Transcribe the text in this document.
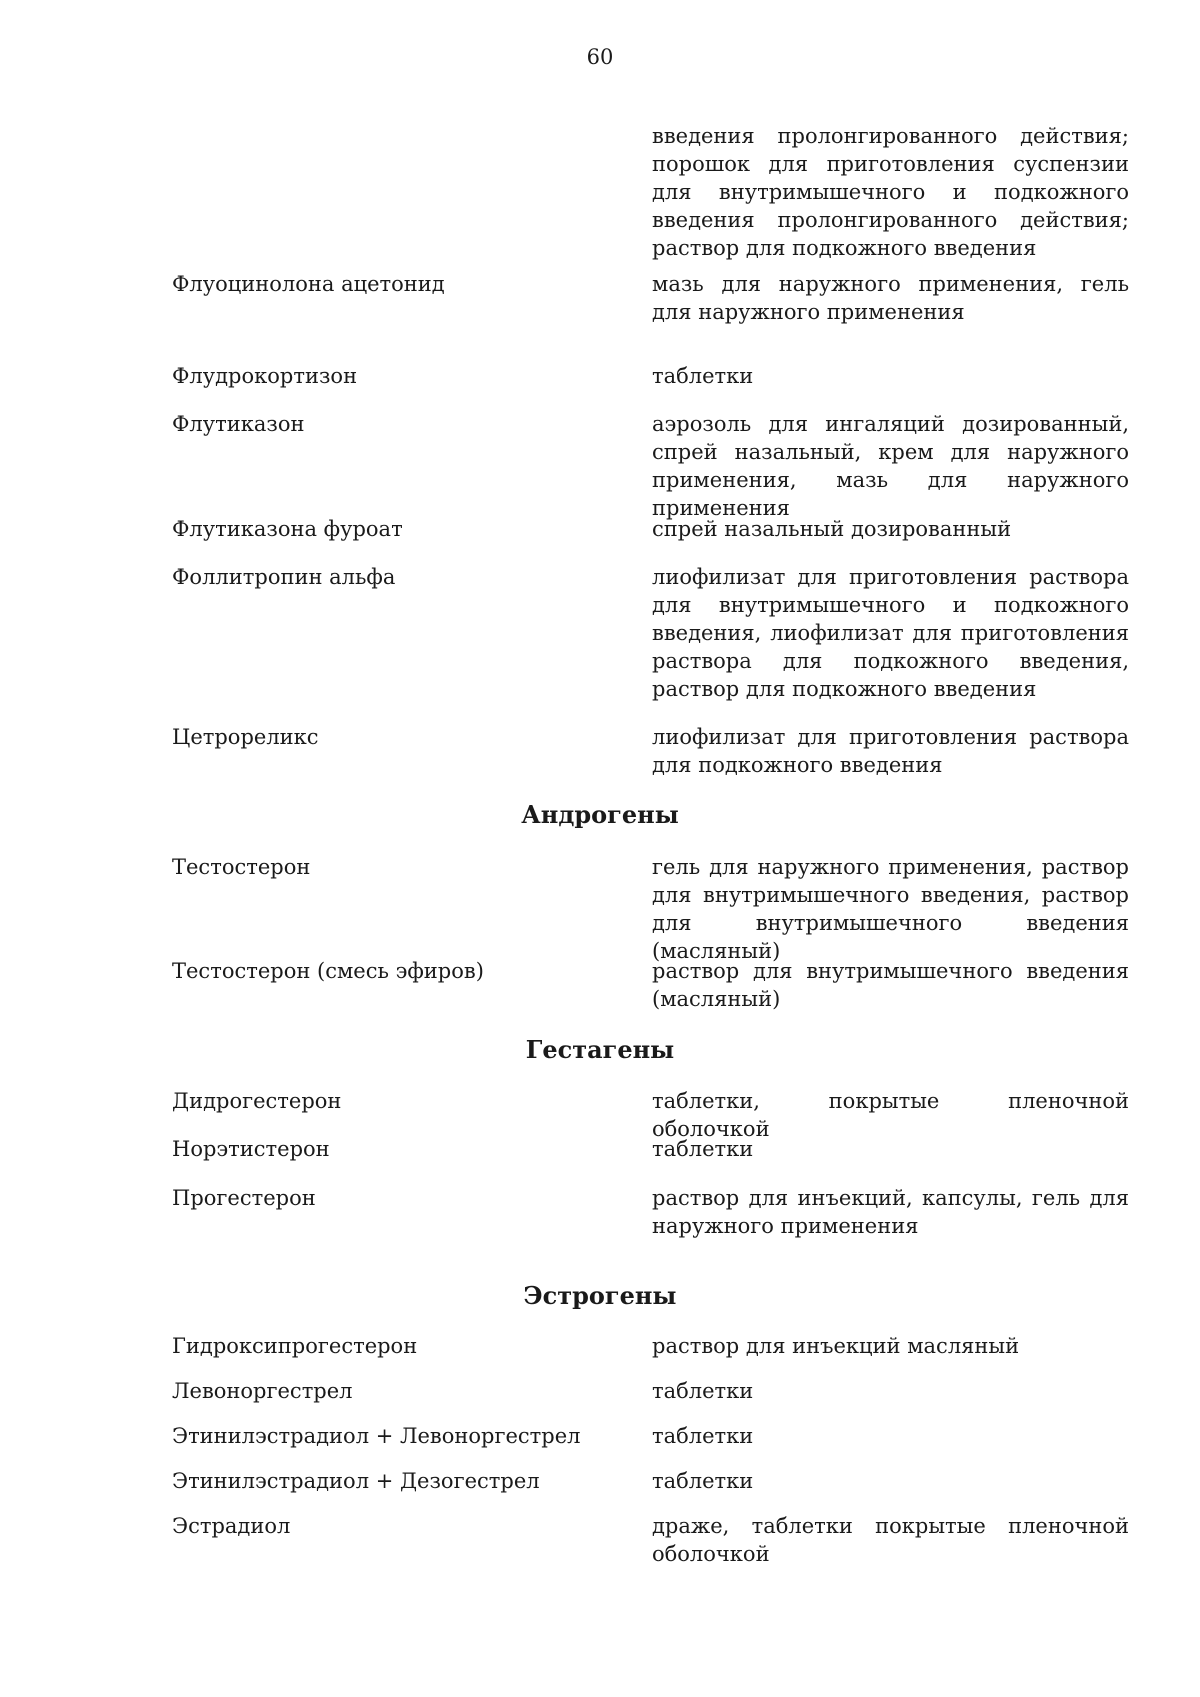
60
введения пролонгированного действия; порошок для приготовления суспензии для внутримышечного и подкожного введения пролонгированного действия; раствор для подкожного введения
Флуоцинолона ацетонид	мазь для наружного применения, гель для наружного применения
Флудрокортизон	таблетки
Флутиказон	аэрозоль для ингаляций дозированный, спрей назальный, крем для наружного применения, мазь для наружного применения
Флутиказона фуроат	спрей назальный дозированный
Фоллитропин альфа	лиофилизат для приготовления раствора для внутримышечного и подкожного введения, лиофилизат для приготовления раствора для подкожного введения, раствор для подкожного введения
Цетрореликс	лиофилизат для приготовления раствора для подкожного введения
Андрогены
Тестостерон	гель для наружного применения, раствор для внутримышечного введения, раствор для внутримышечного введения (масляный)
Тестостерон (смесь эфиров)	раствор для внутримышечного введения (масляный)
Гестагены
Дидрогестерон	таблетки, покрытые пленочной оболочкой
Норэтистерон	таблетки
Прогестерон	раствор для инъекций, капсулы, гель для наружного применения
Эстрогены
Гидроксипрогестерон	раствор для инъекций масляный
Левоноргестрел	таблетки
Этинилэстрадиол + Левоноргестрел	таблетки
Этинилэстрадиол + Дезогестрел	таблетки
Эстрадиол	драже, таблетки покрытые пленочной оболочкой
